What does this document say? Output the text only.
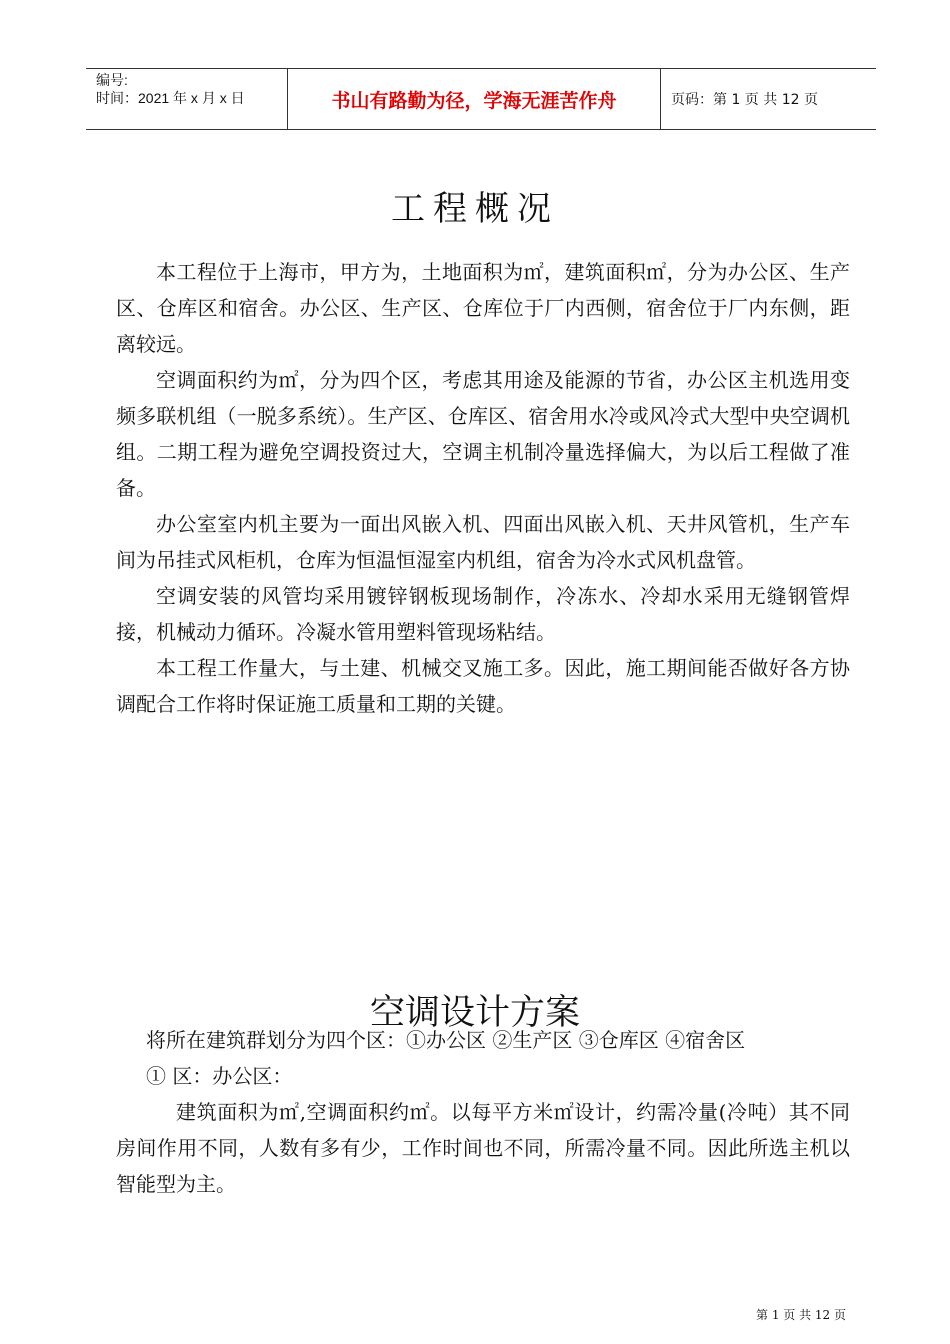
编号:
时间：2021 年 x 月 x 日	书山有路勤为径，学海无涯苦作舟	页码：第 1 页 共 12 页
工程概况

本工程位于上海市，甲方为，土地面积为㎡，建筑面积㎡，分为办公区、生产区、仓库区和宿舍。办公区、生产区、仓库位于厂内西侧，宿舍位于厂内东侧，距离较远。

空调面积约为㎡，分为四个区，考虑其用途及能源的节省，办公区主机选用变频多联机组（一脱多系统）。生产区、仓库区、宿舍用水冷或风冷式大型中央空调机组。二期工程为避免空调投资过大，空调主机制冷量选择偏大，为以后工程做了准备。

办公室室内机主要为一面出风嵌入机、四面出风嵌入机、天井风管机，生产车间为吊挂式风柜机，仓库为恒温恒湿室内机组，宿舍为冷水式风机盘管。

空调安装的风管均采用镀锌钢板现场制作，冷冻水、冷却水采用无缝钢管焊接，机械动力循环。冷凝水管用塑料管现场粘结。

本工程工作量大，与土建、机械交叉施工多。因此，施工期间能否做好各方协调配合工作将时保证施工质量和工期的关键。

空调设计方案

将所在建筑群划分为四个区：①办公区 ②生产区 ③仓库区 ④宿舍区

① 区：办公区：

建筑面积为㎡,空调面积约㎡。以每平方米㎡设计，约需冷量(冷吨）其不同房间作用不同，人数有多有少，工作时间也不同，所需冷量不同。因此所选主机以智能型为主。

第 1 页 共 12 页
